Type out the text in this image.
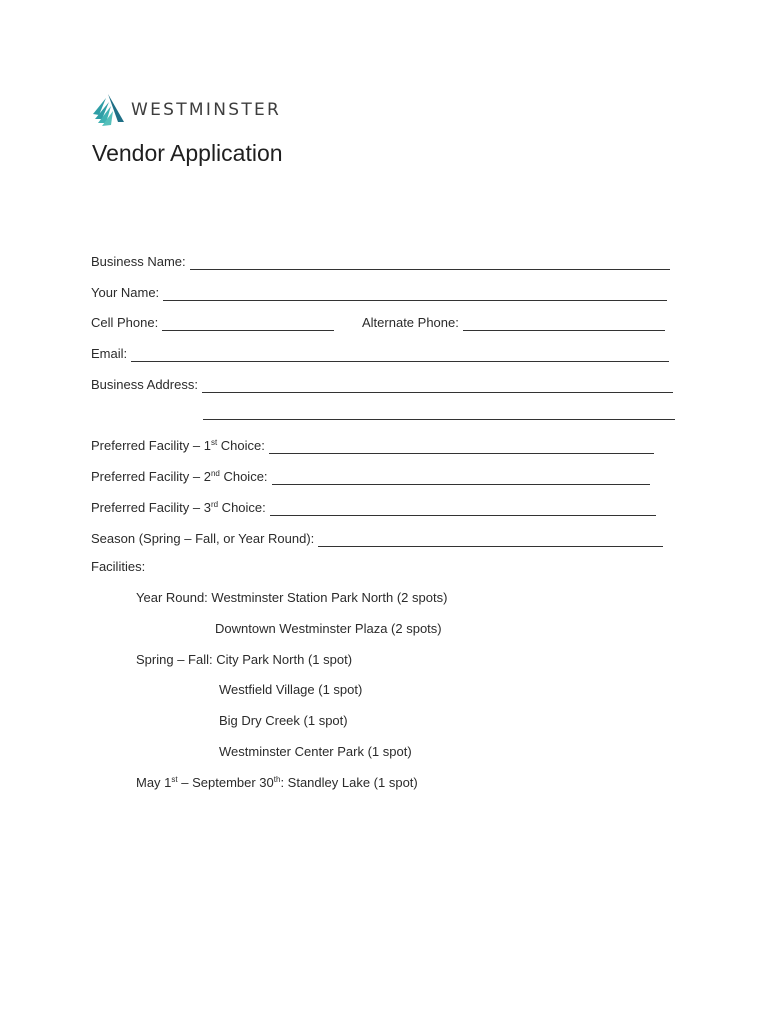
WESTMINSTER
Vendor Application
Business Name:
Your Name:
Cell Phone:	Alternate Phone:
Email:
Business Address:
Preferred Facility – 1st Choice:
Preferred Facility – 2nd Choice:
Preferred Facility – 3rd Choice:
Season (Spring – Fall, or Year Round):
Facilities:
Year Round: Westminster Station Park North (2 spots)
Downtown Westminster Plaza (2 spots)
Spring – Fall: City Park North (1 spot)
Westfield Village (1 spot)
Big Dry Creek (1 spot)
Westminster Center Park (1 spot)
May 1st – September 30th: Standley Lake (1 spot)
